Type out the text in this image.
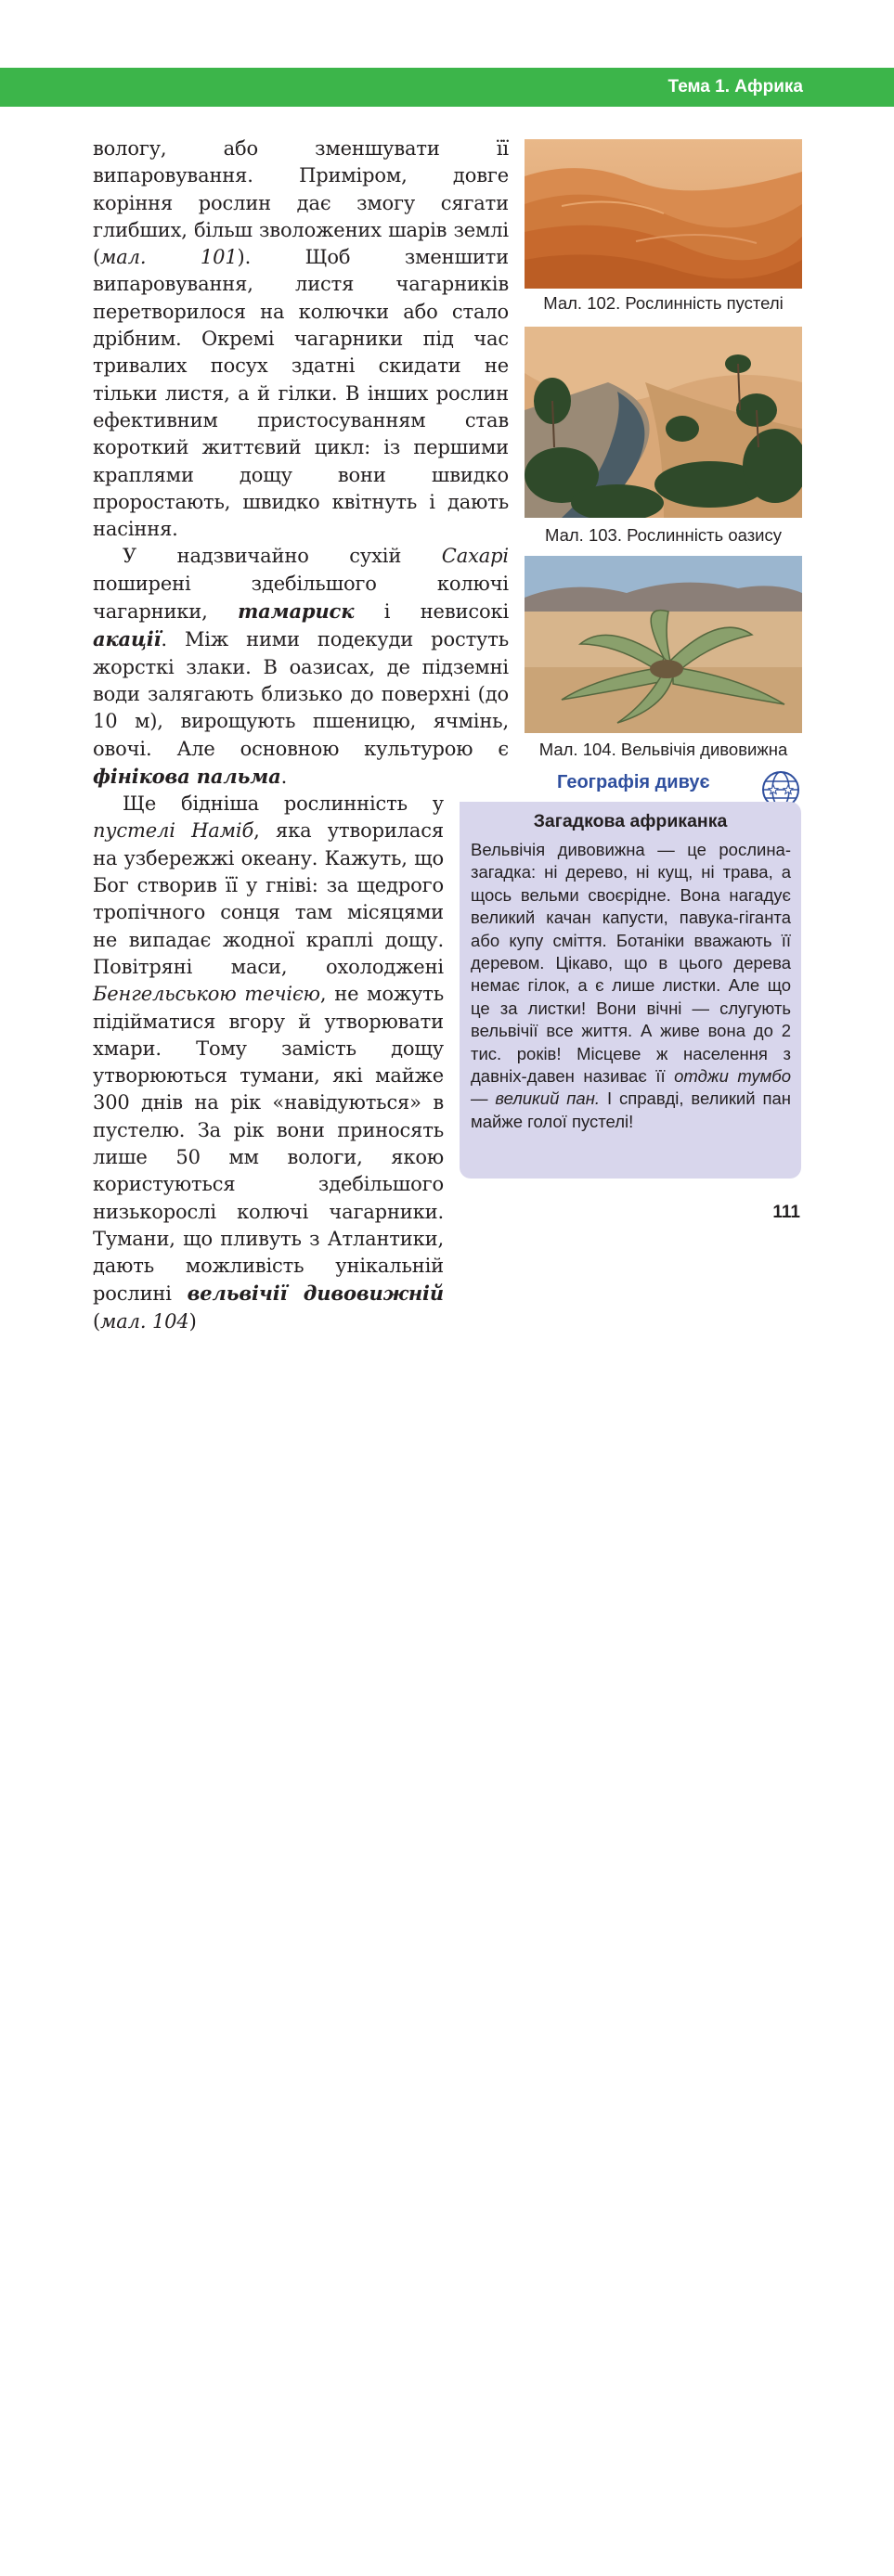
Тема 1. Африка

вологу, або зменшувати її випаровування. Приміром, довге коріння рослин дає змогу сягати глибших, більш зволожених шарів землі (мал. 101). Щоб зменшити випаровування, листя чагарників перетворилося на колючки або стало дрібним. Окремі чагарники під час тривалих посух здатні скидати не тільки листя, а й гілки. В інших рослин ефективним пристосуванням став короткий життєвий цикл: із першими краплями дощу вони швидко проростають, швидко квітнуть і дають насіння.

У надзвичайно сухій Сахарі поширені здебільшого колючі чагарники, тамариск і невисокі акації. Між ними подекуди ростуть жорсткі злаки. В оазисах, де підземні води залягають близько до поверхні (до 10 м), вирощують пшеницю, ячмінь, овочі. Але основною культурою є фінікова пальма.

Ще бідніша рослинність у пустелі Наміб, яка утворилася на узбережжі океану. Кажуть, що Бог створив її у гніві: за щедрого тропічного сонця там місяцями не випадає жодної краплі дощу. Повітряні маси, охолоджені Бенгельською течією, не можуть підійматися вгору й утворювати хмари. Тому замість дощу утворюються тумани, які майже 300 днів на рік «навідуються» в пустелю. За рік вони приносять лише 50 мм вологи, якою користуються здебільшого низькорослі колючі чагарники. Тумани, що пливуть з Атлантики, дають можливість унікальній рослині вельвічії дивовижній (мал. 104)

Мал. 102. Рослинність пустелі
Мал. 103. Рослинність оазису
Мал. 104. Вельвічія дивовижна
Географія дивує
Загадкова африканка
Вельвічія дивовижна — це рослина-загадка: ні дерево, ні кущ, ні трава, а щось вельми своєрідне. Вона нагадує великий качан капусти, павука-гіганта або купу сміття. Ботаніки вважають її деревом. Цікаво, що в цього дерева немає гілок, а є лише листки. Але що це за листки! Вони вічні — слугують вельвічії все життя. А живе вона до 2 тис. років! Місцеве ж населення з давніх-давен називає її отджи тумбо — великий пан. І справді, великий пан майже голої пустелі!
111
